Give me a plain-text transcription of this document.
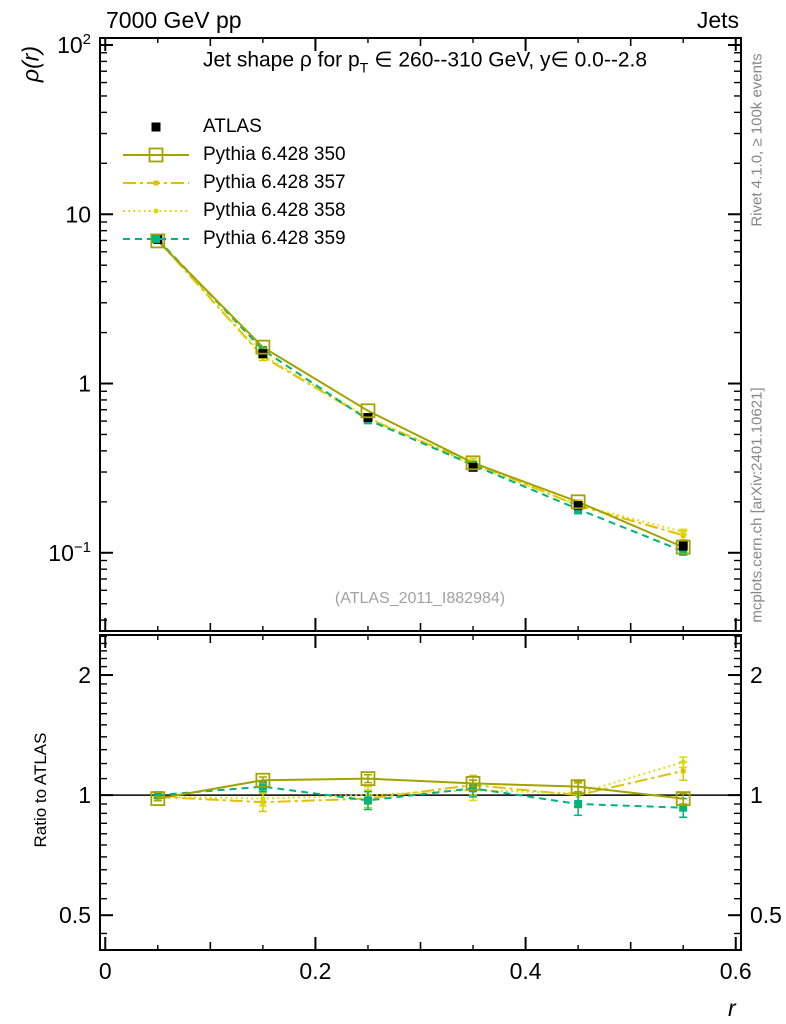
0	0.2	0.4	0.6
$10^2$
10
1
$10^{-1}$
2	2
1	1
0.5	0.5
7000 GeV pp	Jets
ρ(r)
Ratio to ATLAS
Rivet 4.1.0, ≥ 100k events
mcplots.cern.ch [arXiv:2401.10621]
Jet shape ρ for $p_T$ ∈ 260--310 GeV, y∈ 0.0--2.8
ATLAS
Pythia 6.428 350
Pythia 6.428 357
Pythia 6.428 358
Pythia 6.428 359
(ATLAS_2011_I882984)
r
